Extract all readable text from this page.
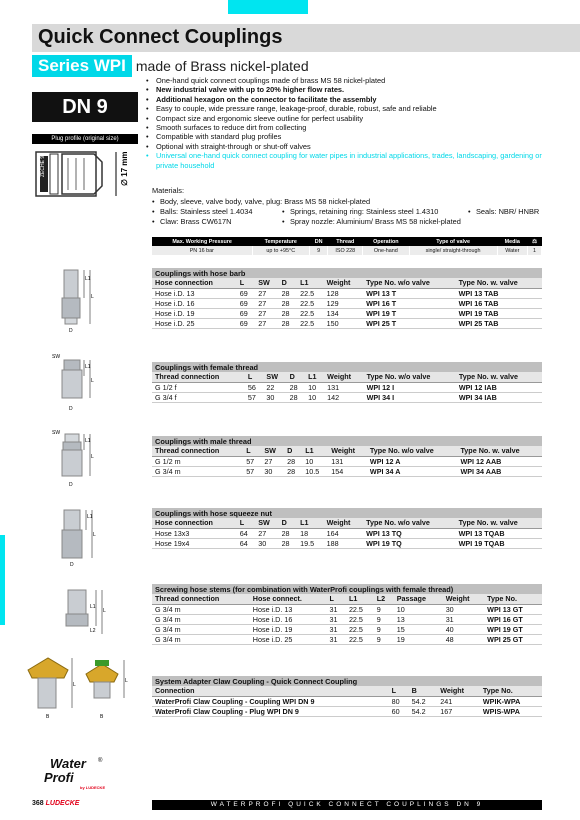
Quick Connect Couplings
Series WPI made of Brass nickel-plated
DN 9
Plug profile (original size)
ZECHE 9	∅ 17 mm
• One-hand quick connect couplings made of brass MS 58 nickel-plated
• New industrial valve with up to 20% higher flow rates.
• Additional hexagon on the connector to facilitate the assembly
• Easy to couple, wide pressure range, leakage-proof, durable, robust, safe and reliable
• Compact size and ergonomic sleeve outline for perfect usability
• Smooth surfaces to reduce dirt from collecting
• Compatible with standard plug profiles
• Optional with straight-through or shut-off valves
• Universal one-hand quick connect coupling for water pipes in industrial applications, trades, landscaping, gardening or private household
Materials:
• Body, sleeve, valve body, valve, plug: Brass MS 58 nickel-plated
• Balls: Stainless steel 1.4034	• Springs, retaining ring: Stainless steel 1.4310	• Seals: NBR/ HNBR
• Claw: Brass CW617N	• Spray nozzle: Aluminium/ Brass MS 58 nickel-plated
Max. Working Pressure	Temperature	DN	Thread	Operation	Type of valve	Media	⚖
PN 16 bar	up to +95°C	9	ISO 228	One-hand	single/ straight-through	Water	1
Couplings with hose barb
Hose connection	L	SW	D	L1	Weight	Type No. w/o valve	Type No. w. valve
Hose i.D. 13	69	27	28	22.5	128	WPI 13 T	WPI 13 TAB
Hose i.D. 16	69	27	28	22.5	129	WPI 16 T	WPI 16 TAB
Hose i.D. 19	69	27	28	22.5	134	WPI 19 T	WPI 19 TAB
Hose i.D. 25	69	27	28	22.5	150	WPI 25 T	WPI 25 TAB
L1
L
D
Couplings with female thread
Thread connection	L	SW	D	L1	Weight	Type No. w/o valve	Type No. w. valve
G 1/2 f	56	22	28	10	131	WPI 12 I	WPI 12 IAB
G 3/4 f	57	30	28	10	142	WPI 34 I	WPI 34 IAB
SW
L1
L
D
Couplings with male thread
Thread connection	L	SW	D	L1	Weight	Type No. w/o valve	Type No. w. valve
G 1/2 m	57	27	28	10	131	WPI 12 A	WPI 12 AAB
G 3/4 m	57	30	28	10.5	154	WPI 34 A	WPI 34 AAB
SW
L1
L
D
Couplings with hose squeeze nut
Hose connection	L	SW	D	L1	Weight	Type No. w/o valve	Type No. w. valve
Hose 13x3	64	27	28	18	164	WPI 13 TQ	WPI 13 TQAB
Hose 19x4	64	30	28	19.5	188	WPI 19 TQ	WPI 19 TQAB
L1
L
D
Screwing hose stems (for combination with WaterProfi couplings with female thread)
Thread connection	Hose connect.	L	L1	L2	Passage	Weight	Type No.
G 3/4 m	Hose i.D. 13	31	22.5	9	10	30	WPI 13 GT
G 3/4 m	Hose i.D. 16	31	22.5	9	13	31	WPI 16 GT
G 3/4 m	Hose i.D. 19	31	22.5	9	15	40	WPI 19 GT
G 3/4 m	Hose i.D. 25	31	22.5	9	19	48	WPI 25 GT
L1
L
L2
System Adapter Claw Coupling - Quick Connect Coupling
Connection	L	B	Weight	Type No.
WaterProfi Claw Coupling - Coupling WPI DN 9	80	54.2	241	WPIK-WPA
WaterProfi Claw Coupling - Plug WPI DN 9	60	54.2	167	WPIS-WPA
L
B
L
B
Water ®
Profi
by LUDECKE
368 LUDECKE	WATERPROFI QUICK CONNECT COUPLINGS DN 9
